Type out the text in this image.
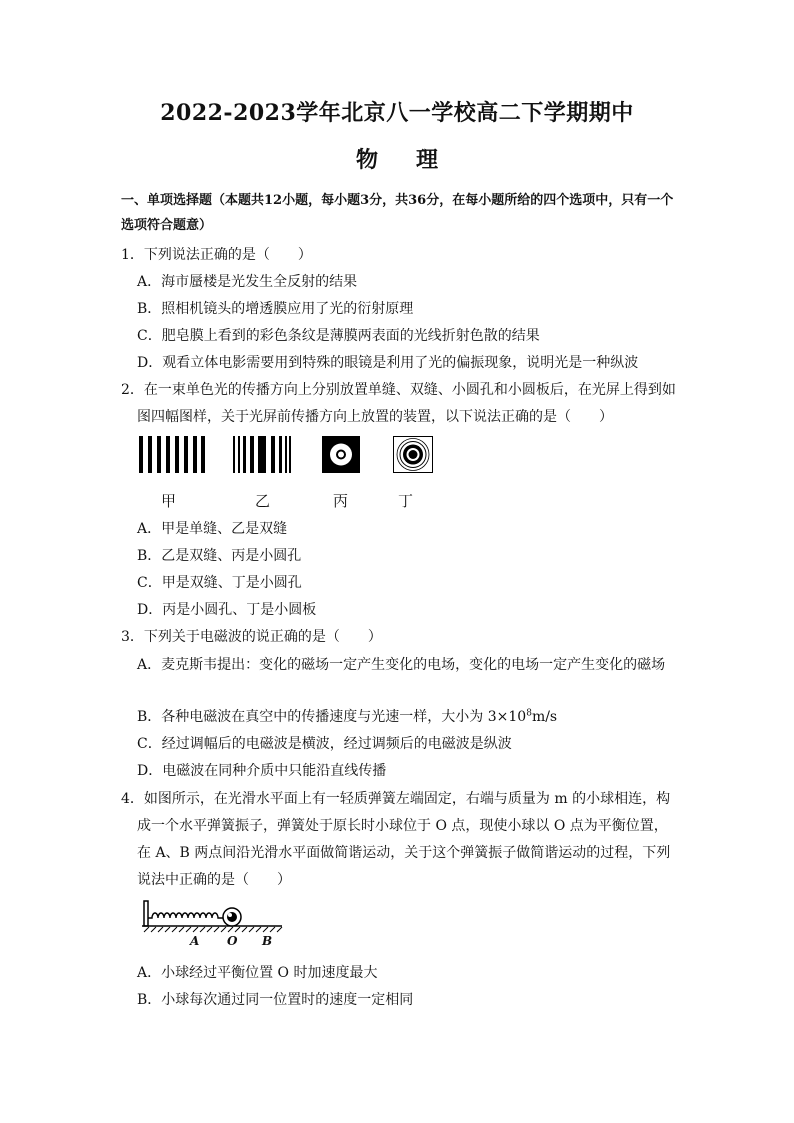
2022-2023学年北京八一学校高二下学期期中
物理
一、单项选择题（本题共12小题，每小题3分，共36分，在每小题所给的四个选项中，只有一个选项符合题意）
1．下列说法正确的是（　　）
A．海市蜃楼是光发生全反射的结果
B．照相机镜头的增透膜应用了光的衍射原理
C．肥皂膜上看到的彩色条纹是薄膜两表面的光线折射色散的结果
D．观看立体电影需要用到特殊的眼镜是利用了光的偏振现象，说明光是一种纵波
2．在一束单色光的传播方向上分别放置单缝、双缝、小圆孔和小圆板后，在光屏上得到如
图四幅图样，关于光屏前传播方向上放置的装置，以下说法正确的是（　　）
甲	乙	丙	丁
A．甲是单缝、乙是双缝
B．乙是双缝、丙是小圆孔
C．甲是双缝、丁是小圆孔
D．丙是小圆孔、丁是小圆板
3．下列关于电磁波的说正确的是（　　）
A．麦克斯韦提出：变化的磁场一定产生变化的电场，变化的电场一定产生变化的磁场
B．各种电磁波在真空中的传播速度与光速一样，大小为 $3\times 10^8m/s$
C．经过调幅后的电磁波是横波，经过调频后的电磁波是纵波
D．电磁波在同种介质中只能沿直线传播
4．如图所示，在光滑水平面上有一轻质弹簧左端固定，右端与质量为 m 的小球相连，构
成一个水平弹簧振子，弹簧处于原长时小球位于 O 点，现使小球以 O 点为平衡位置，
在 A、B 两点间沿光滑水平面做简谐运动，关于这个弹簧振子做简谐运动的过程，下列
说法中正确的是（　　）
A O B
A．小球经过平衡位置 O 时加速度最大
B．小球每次通过同一位置时的速度一定相同
